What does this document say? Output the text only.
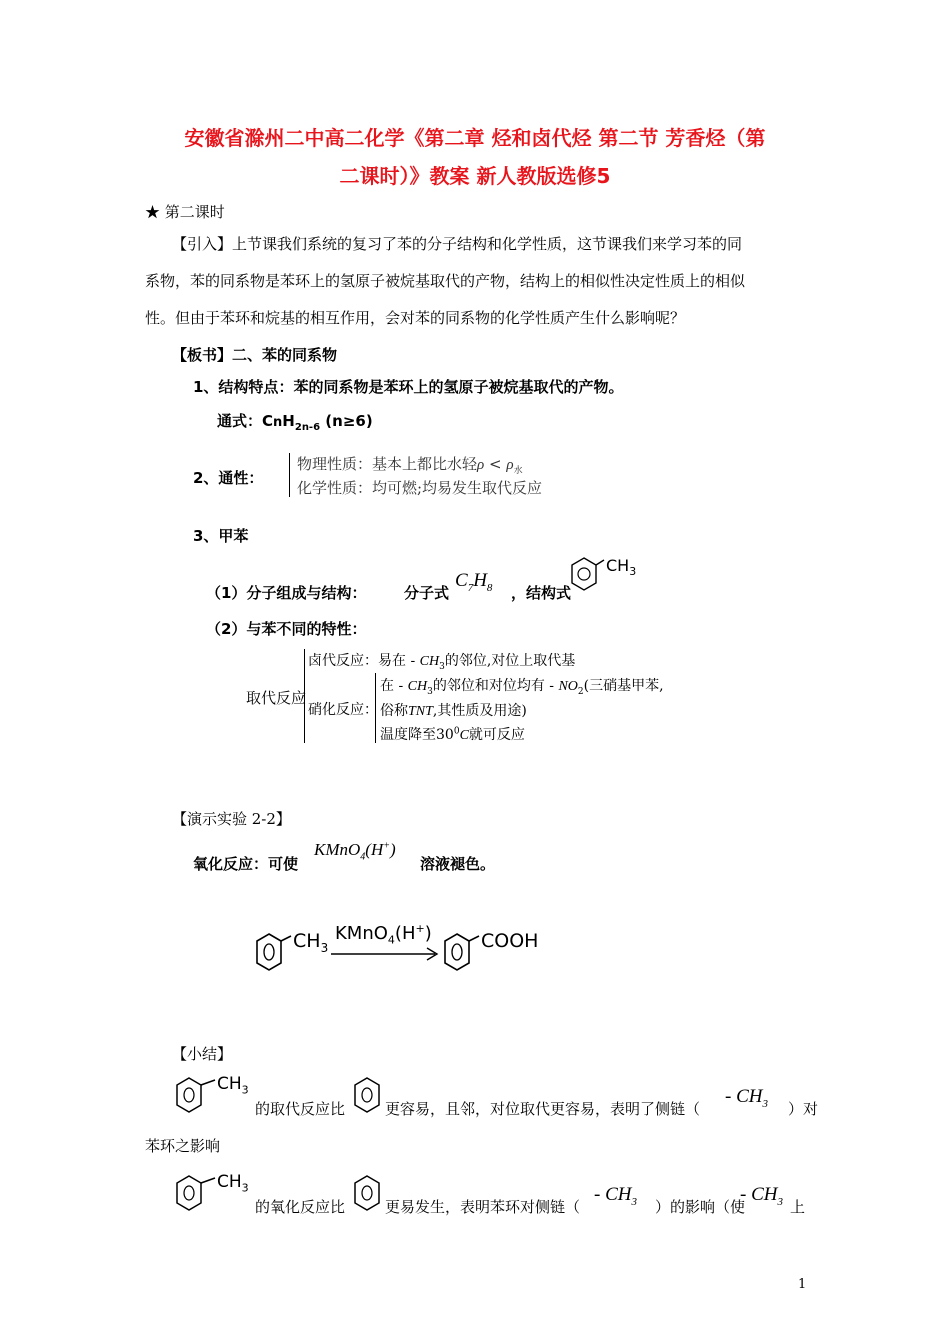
安徽省滁州二中高二化学《第二章 烃和卤代烃 第二节 芳香烃（第
二课时）》教案 新人教版选修5
★ 第二课时
【引入】上节课我们系统的复习了苯的分子结构和化学性质，这节课我们来学习苯的同
系物，苯的同系物是苯环上的氢原子被烷基取代的产物，结构上的相似性决定性质上的相似
性。但由于苯环和烷基的相互作用，会对苯的同系物的化学性质产生什么影响呢？
【板书】二、苯的同系物
1、结构特点：苯的同系物是苯环上的氢原子被烷基取代的产物。
通式：CnH$_{2n-6}$ (n≥6)
2、通性：
物理性质：基本上都比水轻$\rho < \rho_水$
化学性质：均可燃;均易发生取代反应
3、甲苯
（1）分子组成与结构：	分子式
$C_7H_8$ ，结构式
$CH_3$
（2）与苯不同的特性：
取代反应
卤代反应：易在 - $CH_3$的邻位,对位上取代基
硝化反应：
在 - $CH_3$的邻位和对位均有 - $NO_2$(三硝基甲苯,
俗称TNT,其性质及用途)
温度降至$30^0C$就可反应
【演示实验 2-2】
氧化反应：可使
KMnO$_4$(H+)
溶液褪色。
$CH_3$
KMnO$_4$(H+)	COOH
【小结】
$CH_3$
的取代反应比	更容易，且邻，对位取代更容易，表明了侧链（
- $CH_3$ ）对
苯环之影响
$CH_3$
的氧化反应比	更易发生，表明苯环对侧链（
- $CH_3$ ）的影响（使
- $CH_3$ 上
1
